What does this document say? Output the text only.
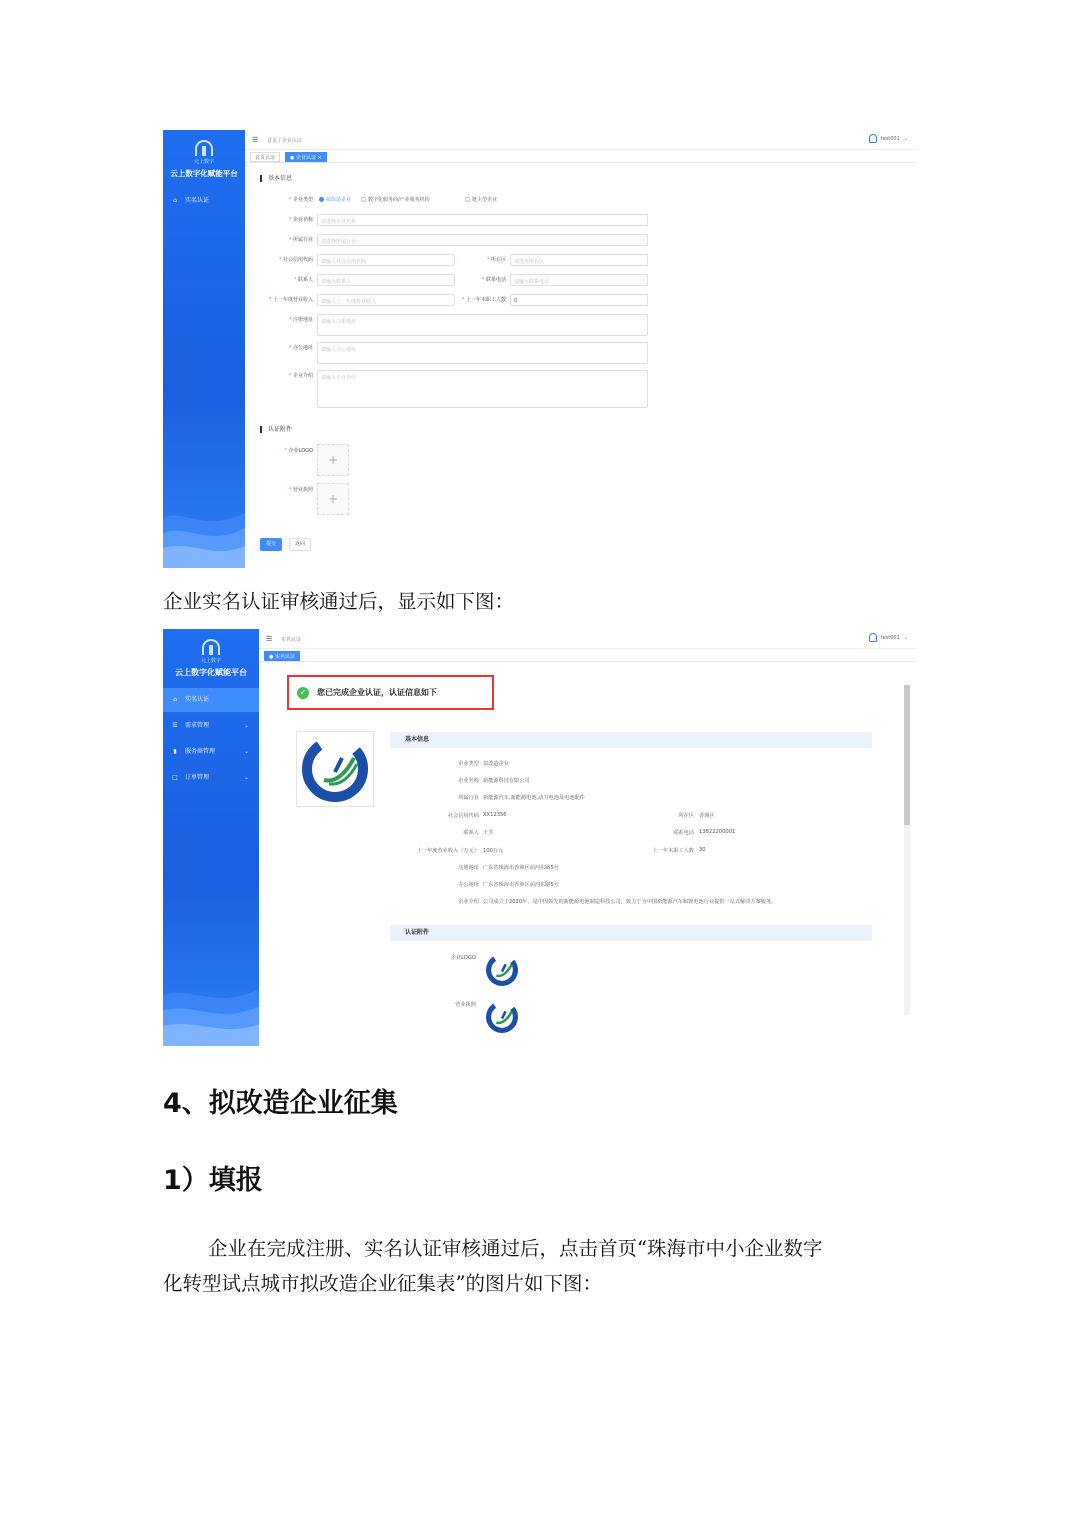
元上数字
云上数字化赋能平台
⌂ 实名认证
☰ 首页 / 企业认证	test001 ⌄
首页认证	● 企业认证 ×
基本信息
* 企业类型	拟改造企业	数字化服务商/产业服务机构	链主型企业
* 企业名称	请选择企业名称
* 所属行业	请选择所属行业
* 社会信用代码	请输入社会信用代码	* 所在区	请选择所在区
* 联系人	请输入联系人	* 联系电话	请输入联系电话
* 上一年度营业收入	请输入上一年度营业收入	* 上一年末职工人数	0
* 注册地址	请输入注册地址
* 办公地址	请输入办公地址
* 企业介绍	请输入企业介绍
认证附件
* 企业LOGO
+
* 营业执照
+
提交	返回
企业实名认证审核通过后，显示如下图：
元上数字
云上数字化赋能平台
⌂ 实名认证
☰ 需求管理	⌄
▮ 服务商管理	⌄
□ 订单管理	⌄
☰ 实名认证	test001 ⌄
● 实名认证
✓	您已完成企业认证，认证信息如下
基本信息
企业类型 拟改造企业
企业名称 新能源科技有限公司
所属行业 新能源汽车,新能源电池,动力电池及电池配件
社会信用代码 XX12356	所在区 香洲区
联系人 王芳	联系电话 13822200001
上一年度营业收入（万元） 100万元	上一年末职工人数 30
注册地址 广东省珠海市香洲区前河东路5号
办公地址 广东省珠海市香洲区前河东路5号
企业介绍 公司成立于2020年，是中国领先的新能源电池制造科技公司。致力于为中国新能源汽车和锂电池行业提供一站式解决方案服务。
认证附件
企业LOGO
营业执照
4、拟改造企业征集
1）填报
企业在完成注册、实名认证审核通过后，点击首页“珠海市中小企业数字
化转型试点城市拟改造企业征集表”的图片如下图：
